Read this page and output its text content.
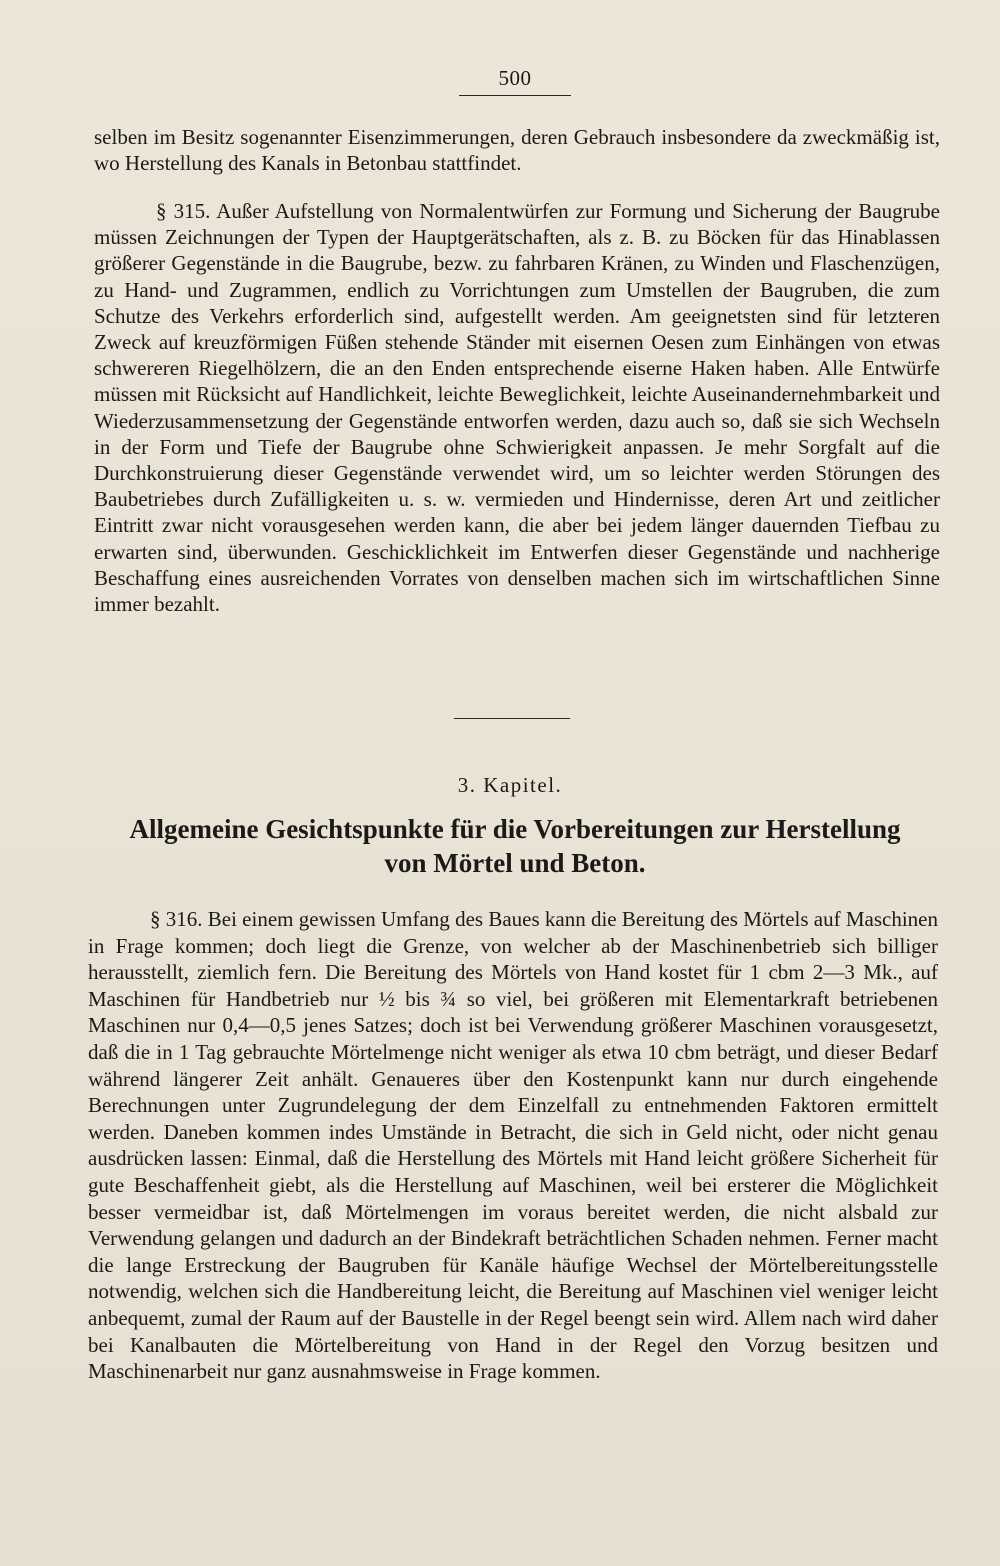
500

selben im Besitz sogenannter Eisenzimmerungen, deren Gebrauch insbesondere da zweckmäßig ist, wo Herstellung des Kanals in Betonbau stattfindet.

§ 315. Außer Aufstellung von Normalentwürfen zur Formung und Sicherung der Baugrube müssen Zeichnungen der Typen der Hauptgerätschaften, als z. B. zu Böcken für das Hinablassen größerer Gegenstände in die Baugrube, bezw. zu fahrbaren Kränen, zu Winden und Flaschenzügen, zu Hand- und Zugrammen, endlich zu Vorrichtungen zum Umstellen der Baugruben, die zum Schutze des Verkehrs erforderlich sind, aufgestellt werden. Am geeignetsten sind für letzteren Zweck auf kreuzförmigen Füßen stehende Ständer mit eisernen Oesen zum Einhängen von etwas schwereren Riegelhölzern, die an den Enden entsprechende eiserne Haken haben. Alle Entwürfe müssen mit Rücksicht auf Handlichkeit, leichte Beweglichkeit, leichte Auseinandernehmbarkeit und Wiederzusammensetzung der Gegenstände entworfen werden, dazu auch so, daß sie sich Wechseln in der Form und Tiefe der Baugrube ohne Schwierigkeit anpassen. Je mehr Sorgfalt auf die Durchkonstruierung dieser Gegenstände verwendet wird, um so leichter werden Störungen des Baubetriebes durch Zufälligkeiten u. s. w. vermieden und Hindernisse, deren Art und zeitlicher Eintritt zwar nicht vorausgesehen werden kann, die aber bei jedem länger dauernden Tiefbau zu erwarten sind, überwunden. Geschicklichkeit im Entwerfen dieser Gegenstände und nachherige Beschaffung eines ausreichenden Vorrates von denselben machen sich im wirtschaftlichen Sinne immer bezahlt.

3. Kapitel.
Allgemeine Gesichtspunkte für die Vorbereitungen zur Herstellung
von Mörtel und Beton.

§ 316. Bei einem gewissen Umfang des Baues kann die Bereitung des Mörtels auf Maschinen in Frage kommen; doch liegt die Grenze, von welcher ab der Maschinenbetrieb sich billiger herausstellt, ziemlich fern. Die Bereitung des Mörtels von Hand kostet für 1 cbm 2—3 Mk., auf Maschinen für Handbetrieb nur ½ bis ¾ so viel, bei größeren mit Elementarkraft betriebenen Maschinen nur 0,4—0,5 jenes Satzes; doch ist bei Verwendung größerer Maschinen vorausgesetzt, daß die in 1 Tag gebrauchte Mörtelmenge nicht weniger als etwa 10 cbm beträgt, und dieser Bedarf während längerer Zeit anhält. Genaueres über den Kostenpunkt kann nur durch eingehende Berechnungen unter Zugrundelegung der dem Einzelfall zu entnehmenden Faktoren ermittelt werden. Daneben kommen indes Umstände in Betracht, die sich in Geld nicht, oder nicht genau ausdrücken lassen: Einmal, daß die Herstellung des Mörtels mit Hand leicht größere Sicherheit für gute Beschaffenheit giebt, als die Herstellung auf Maschinen, weil bei ersterer die Möglichkeit besser vermeidbar ist, daß Mörtelmengen im voraus bereitet werden, die nicht alsbald zur Verwendung gelangen und dadurch an der Bindekraft beträchtlichen Schaden nehmen. Ferner macht die lange Erstreckung der Baugruben für Kanäle häufige Wechsel der Mörtelbereitungsstelle notwendig, welchen sich die Handbereitung leicht, die Bereitung auf Maschinen viel weniger leicht anbequemt, zumal der Raum auf der Baustelle in der Regel beengt sein wird. Allem nach wird daher bei Kanalbauten die Mörtelbereitung von Hand in der Regel den Vorzug besitzen und Maschinenarbeit nur ganz ausnahmsweise in Frage kommen.
